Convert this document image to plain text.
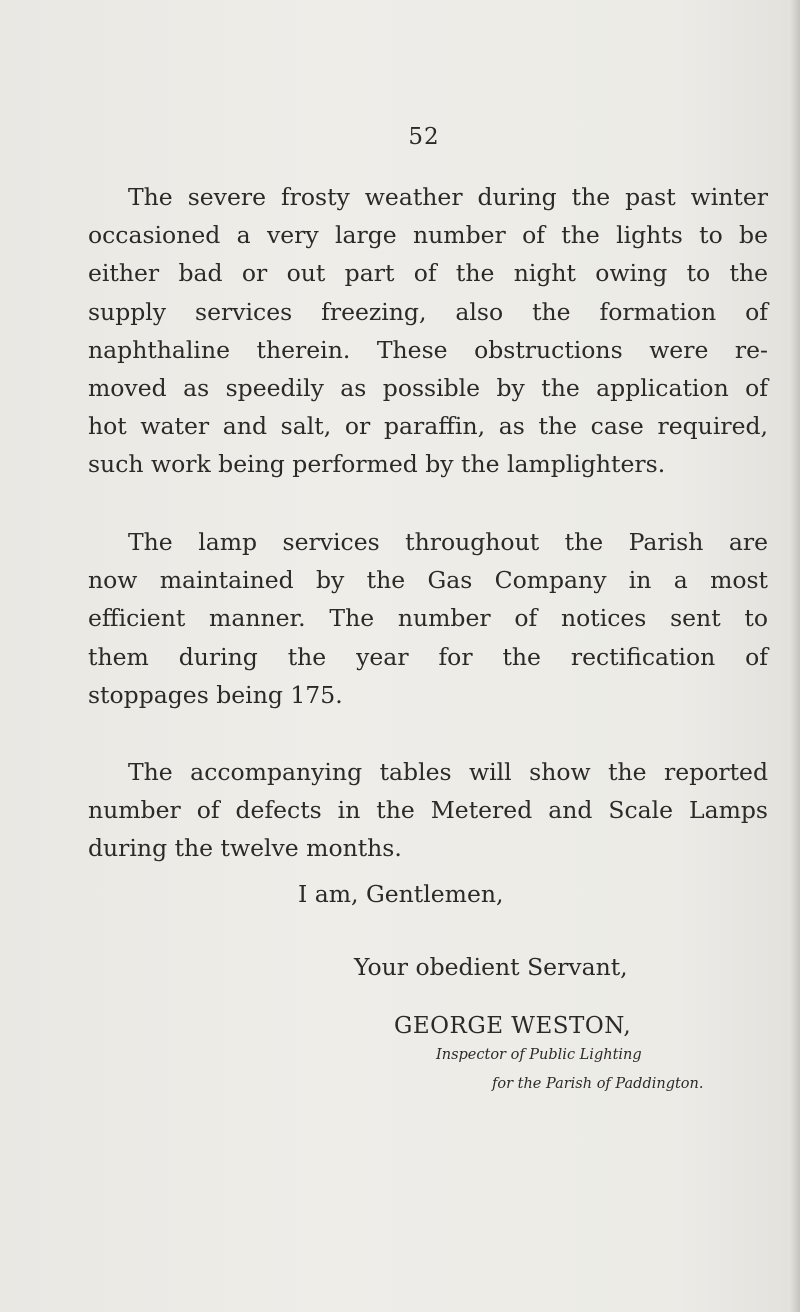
52
The severe frosty weather during the past winter
occasioned a very large number of the lights to be
either bad or out part of the night owing to the
supply services freezing, also the formation of
naphthaline therein. These obstructions were re-
moved as speedily as possible by the application of
hot water and salt, or paraffin, as the case required,
such work being performed by the lamplighters.
The lamp services throughout the Parish are
now maintained by the Gas Company in a most
efficient manner. The number of notices sent to
them during the year for the rectification of
stoppages being 175.
The accompanying tables will show the reported
number of defects in the Metered and Scale Lamps
during the twelve months.

I am, Gentlemen,

Your obedient Servant,

GEORGE WESTON,

Inspector of Public Lighting

for the Parish of Paddington.
